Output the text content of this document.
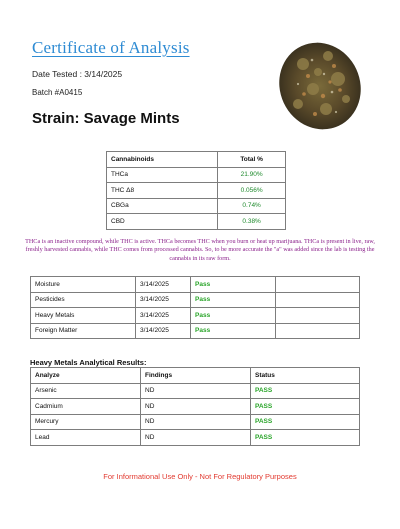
Certificate of Analysis
Date Tested : 3/14/2025
Batch #A0415
Strain: Savage Mints
Cannabinoids	Total %
THCa	21.90%
THC Δ8	0.056%
CBGa	0.74%
CBD	0.38%
THCa is an inactive compound, while THC is active. THCa becomes THC when you burn or heat up marijuana. THCa is present in live, raw, freshly harvested cannabis, while THC comes from processed cannabis. So, to be more accurate the "a" was added since the lab is testing the cannabis in its raw form.
Moisture	3/14/2025	Pass	
Pesticides	3/14/2025	Pass	
Heavy Metals	3/14/2025	Pass	
Foreign Matter	3/14/2025	Pass	
Heavy Metals Analytical Results:
Analyze	Findings	Status
Arsenic	ND	PASS
Cadmium	ND	PASS
Mercury	ND	PASS
Lead	ND	PASS
For Informational Use Only - Not For Regulatory Purposes
